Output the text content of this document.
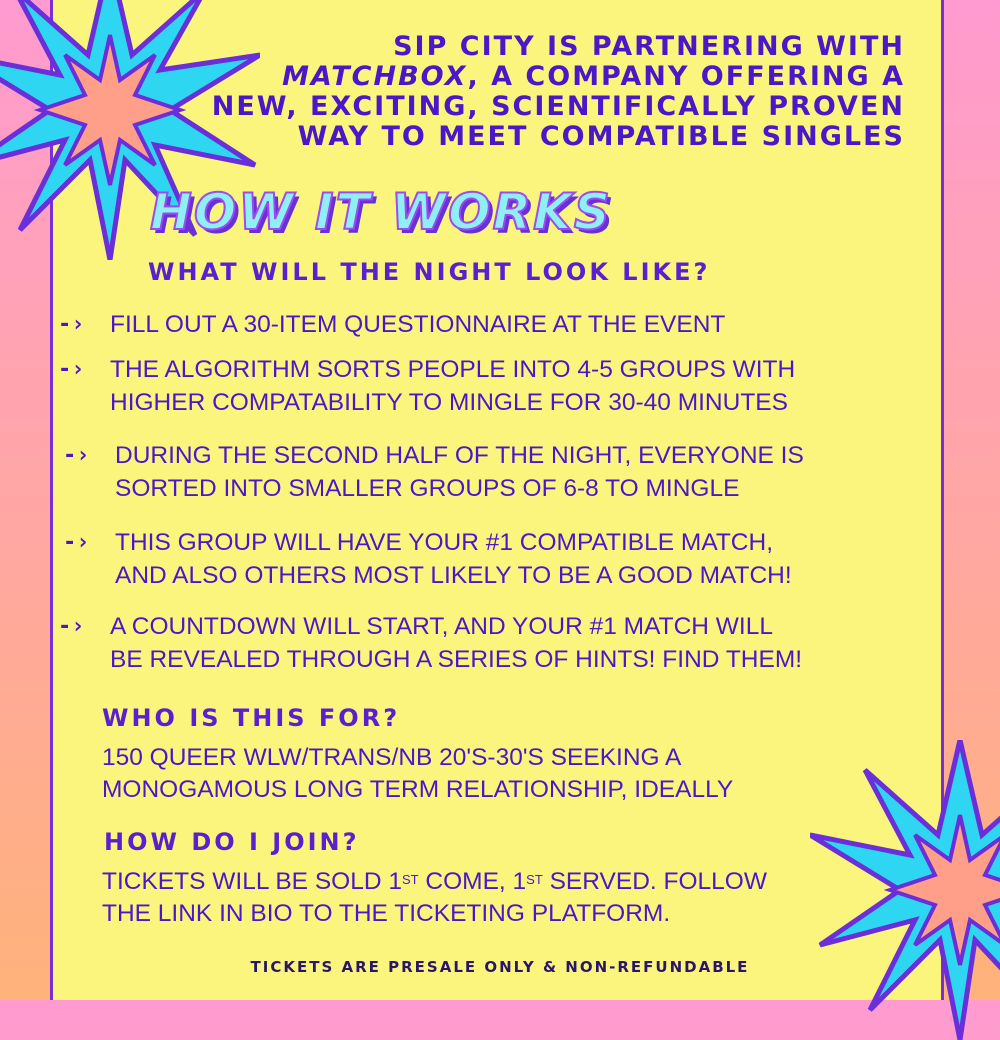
SIP CITY IS PARTNERING WITH
MATCHBOX, A COMPANY OFFERING A
NEW, EXCITING, SCIENTIFICALLY PROVEN
WAY TO MEET COMPATIBLE SINGLES
HOW IT WORKS
WHAT WILL THE NIGHT LOOK LIKE?
-›	FILL OUT A 30-ITEM QUESTIONNAIRE AT THE EVENT
-›	THE ALGORITHM SORTS PEOPLE INTO 4-5 GROUPS WITH
HIGHER COMPATABILITY TO MINGLE FOR 30-40 MINUTES
-›	DURING THE SECOND HALF OF THE NIGHT, EVERYONE IS
SORTED INTO SMALLER GROUPS OF 6-8 TO MINGLE
-›	THIS GROUP WILL HAVE YOUR #1 COMPATIBLE MATCH,
AND ALSO OTHERS MOST LIKELY TO BE A GOOD MATCH!
-›	A COUNTDOWN WILL START, AND YOUR #1 MATCH WILL
BE REVEALED THROUGH A SERIES OF HINTS! FIND THEM!
WHO IS THIS FOR?
150 QUEER WLW/TRANS/NB 20'S-30'S SEEKING A
MONOGAMOUS LONG TERM RELATIONSHIP, IDEALLY
HOW DO I JOIN?
TICKETS WILL BE SOLD 1ST COME, 1ST SERVED. FOLLOW
THE LINK IN BIO TO THE TICKETING PLATFORM.
TICKETS ARE PRESALE ONLY & NON-REFUNDABLE
